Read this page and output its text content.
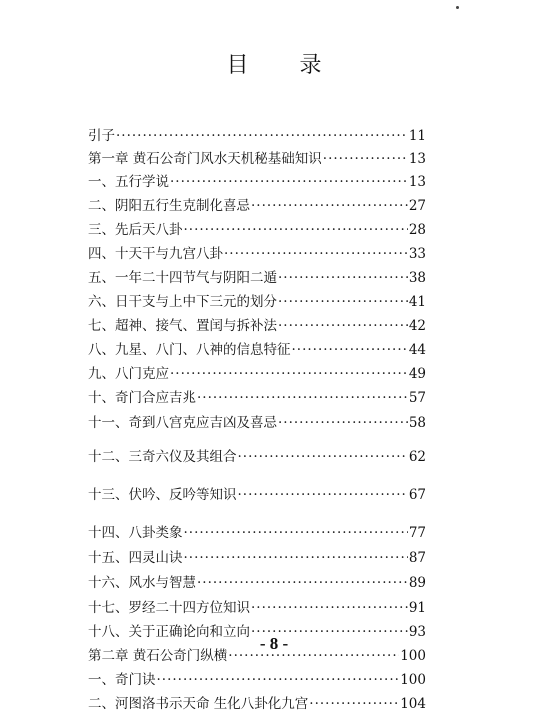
目 录
引子 ·····	11
第一章 黄石公奇门风水天机秘基础知识 ·····	13
一、五行学说 ·····	13
二、阴阳五行生克制化喜忌 ·····	27
三、先后天八卦 ·····	28
四、十天干与九宫八卦 ·····	33
五、一年二十四节气与阴阳二遁 ·····	38
六、日干支与上中下三元的划分 ·····	41
七、超神、接气、置闰与拆补法 ·····	42
八、九星、八门、八神的信息特征 ·····	44
九、八门克应 ·····	49
十、奇门合应吉兆 ·····	57
十一、奇到八宫克应吉凶及喜忌 ·····	58
十二、三奇六仪及其组合 ·····	62
十三、伏吟、反吟等知识 ·····	67
十四、八卦类象 ·····	77
十五、四灵山诀 ·····	87
十六、风水与智慧 ·····	89
十七、罗经二十四方位知识 ·····	91
十八、关于正确论向和立向 ·····	93
第二章 黄石公奇门纵横 ·····	100
一、奇门诀 ·····	100
二、河图洛书示天命 生化八卦化九宫 ·····	104
- 8 -
